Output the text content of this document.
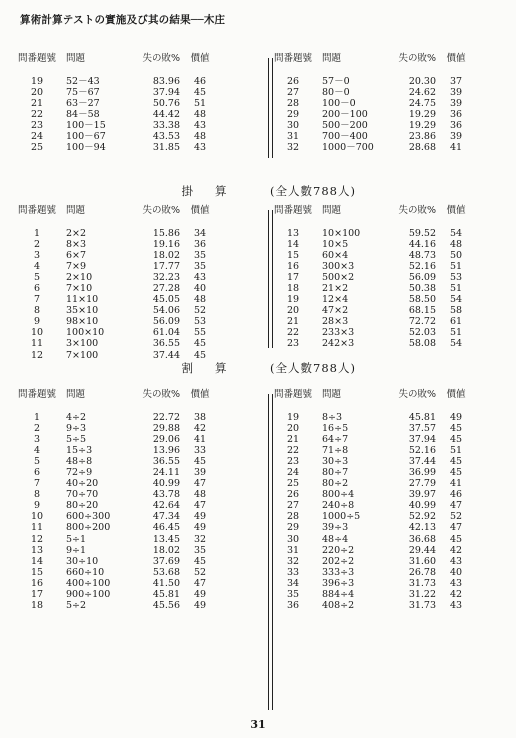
算術計算テストの實施及び其の結果──木庄
問番題號	問題	失の敗%	價値
19	52－43	83.96	46
20	75－67	37.94	45
21	63－27	50.76	51
22	84－58	44.42	48
23	100－15	33.38	43
24	100－67	43.53	48
25	100－94	31.85	43
問番題號	問題	失の敗%	價値
26	57－0	20.30	37
27	80－0	24.62	39
28	100－0	24.75	39
29	200－100	19.29	36
30	500－200	19.29	36
31	700－400	23.86	39
32	1000－700	28.68	41
掛算 (全人數788人)
問番題號	問題	失の敗%	價値
1	2×2	15.86	34
2	8×3	19.16	36
3	6×7	18.02	35
4	7×9	17.77	35
5	2×10	32.23	43
6	7×10	27.28	40
7	11×10	45.05	48
8	35×10	54.06	52
9	98×10	56.09	53
10	100×10	61.04	55
11	3×100	36.55	45
12	7×100	37.44	45
問番題號	問題	失の敗%	價値
13	10×100	59.52	54
14	10×5	44.16	48
15	60×4	48.73	50
16	300×3	52.16	51
17	500×2	56.09	53
18	21×2	50.38	51
19	12×4	58.50	54
20	47×2	68.15	58
21	28×3	72.72	61
22	233×3	52.03	51
23	242×3	58.08	54
割算 (全人數788人)
問番題號	問題	失の敗%	價値
1	4÷2	22.72	38
2	9÷3	29.88	42
3	5÷5	29.06	41
4	15÷3	13.96	33
5	48÷8	36.55	45
6	72÷9	24.11	39
7	40÷20	40.99	47
8	70÷70	43.78	48
9	80÷20	42.64	47
10	600÷300	47.34	49
11	800÷200	46.45	49
12	5÷1	13.45	32
13	9÷1	18.02	35
14	30÷10	37.69	45
15	660÷10	53.68	52
16	400÷100	41.50	47
17	900÷100	45.81	49
18	5÷2	45.56	49
問番題號	問題	失の敗%	價値
19	8÷3	45.81	49
20	16÷5	37.57	45
21	64÷7	37.94	45
22	71÷8	52.16	51
23	30÷3	37.44	45
24	80÷7	36.99	45
25	80÷2	27.79	41
26	800÷4	39.97	46
27	240÷8	40.99	47
28	1000÷5	52.92	52
29	39÷3	42.13	47
30	48÷4	36.68	45
31	220÷2	29.44	42
32	202÷2	31.60	43
33	333÷3	26.78	40
34	396÷3	31.73	43
35	884÷4	31.22	42
36	408÷2	31.73	43
31
